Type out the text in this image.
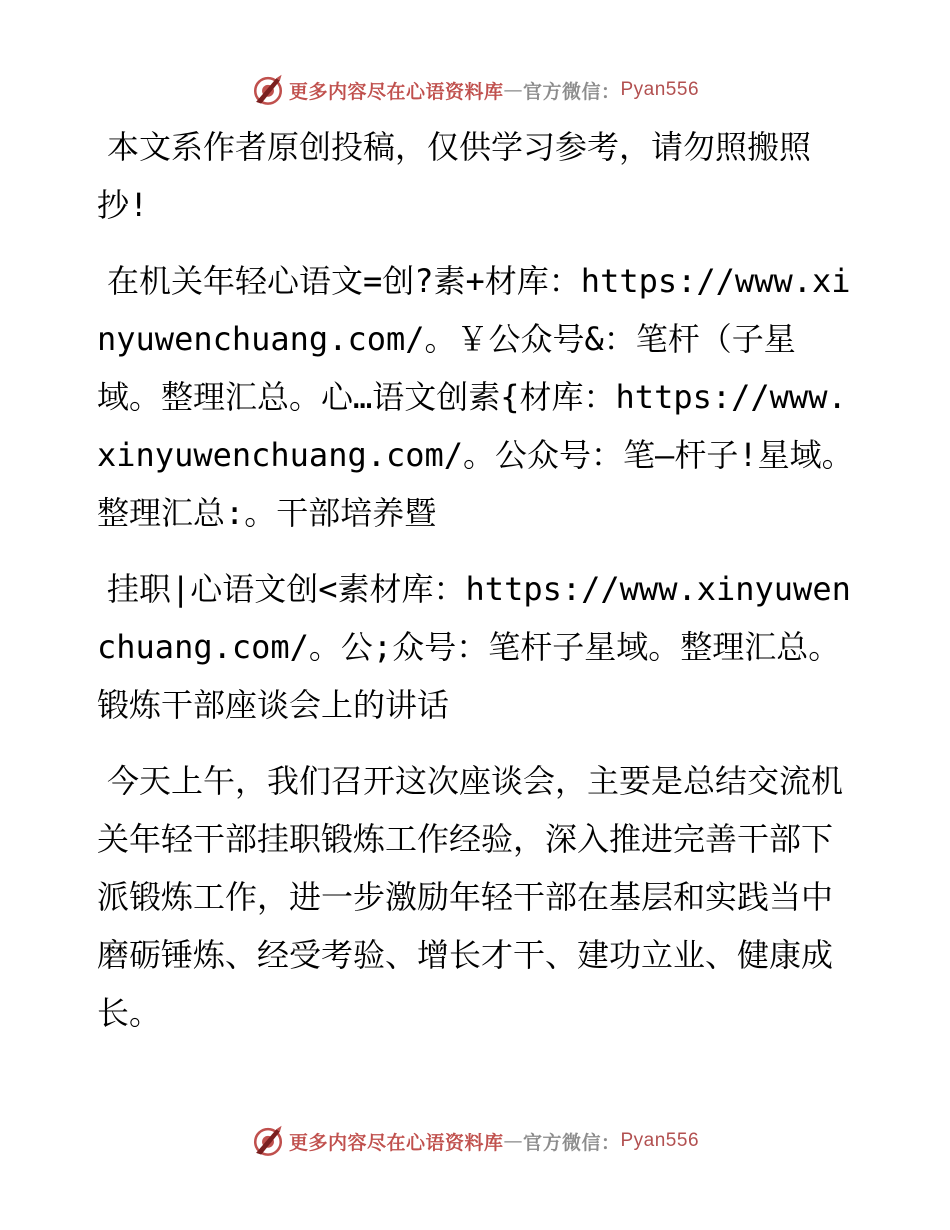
更多内容尽在心语资料库 — 官方微信： Pyan556

本文系作者原创投稿，仅供学习参考，请勿照搬照抄!

在机关年轻心语文=创?素+材库：https://www.xinyuwenchuang.com/。￥公众号&：笔杆（子星域。整理汇总。心…语文创素{材库：https://www.xinyuwenchuang.com/。公众号：笔—杆子!星域。整理汇总:。干部培养暨

挂职|心语文创<素材库：https://www.xinyuwenchuang.com/。公;众号：笔杆子星域。整理汇总。锻炼干部座谈会上的讲话

今天上午，我们召开这次座谈会，主要是总结交流机关年轻干部挂职锻炼工作经验，深入推进完善干部下派锻炼工作，进一步激励年轻干部在基层和实践当中磨砺锤炼、经受考验、增长才干、建功立业、健康成长。

更多内容尽在心语资料库 — 官方微信： Pyan556
